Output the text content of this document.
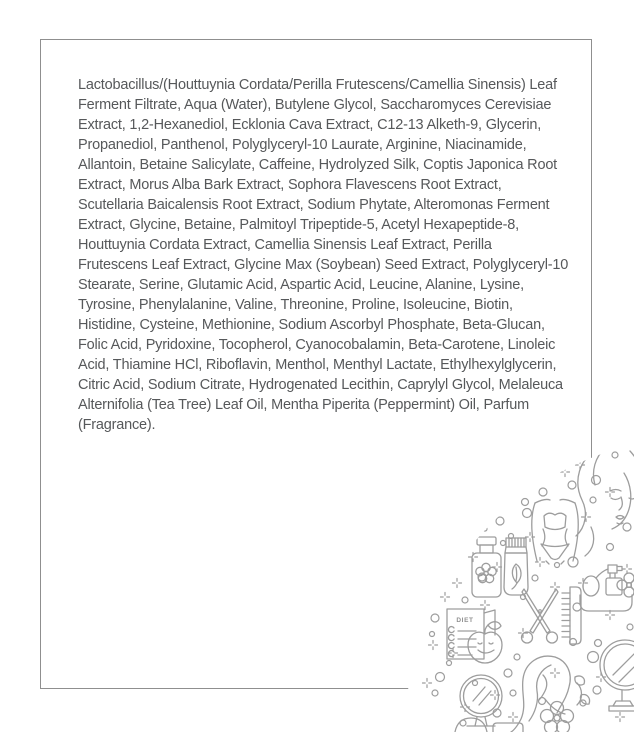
Lactobacillus/(Houttuynia Cordata/Perilla Frutescens/Camellia Sinensis) Leaf
Ferment Filtrate, Aqua (Water), Butylene Glycol, Saccharomyces Cerevisiae
Extract, 1,2-Hexanediol, Ecklonia Cava Extract, C12-13 Alketh-9, Glycerin,
Propanediol, Panthenol, Polyglyceryl-10 Laurate, Arginine, Niacinamide,
Allantoin, Betaine Salicylate, Caffeine, Hydrolyzed Silk, Coptis Japonica Root
Extract, Morus Alba Bark Extract, Sophora Flavescens Root Extract,
Scutellaria Baicalensis Root Extract, Sodium Phytate, Alteromonas Ferment
Extract, Glycine, Betaine, Palmitoyl Tripeptide-5, Acetyl Hexapeptide-8,
Houttuynia Cordata Extract, Camellia Sinensis Leaf Extract, Perilla
Frutescens Leaf Extract, Glycine Max (Soybean) Seed Extract, Polyglyceryl-10
Stearate, Serine, Glutamic Acid, Aspartic Acid, Leucine, Alanine, Lysine,
Tyrosine, Phenylalanine, Valine, Threonine, Proline, Isoleucine, Biotin,
Histidine, Cysteine, Methionine, Sodium Ascorbyl Phosphate, Beta-Glucan,
Folic Acid, Pyridoxine, Tocopherol, Cyanocobalamin, Beta-Carotene, Linoleic
Acid, Thiamine HCl, Riboflavin, Menthol, Menthyl Lactate, Ethylhexylglycerin,
Citric Acid, Sodium Citrate, Hydrogenated Lecithin, Caprylyl Glycol, Melaleuca
Alternifolia (Tea Tree) Leaf Oil, Mentha Piperita (Peppermint) Oil, Parfum
(Fragrance).
DIET
